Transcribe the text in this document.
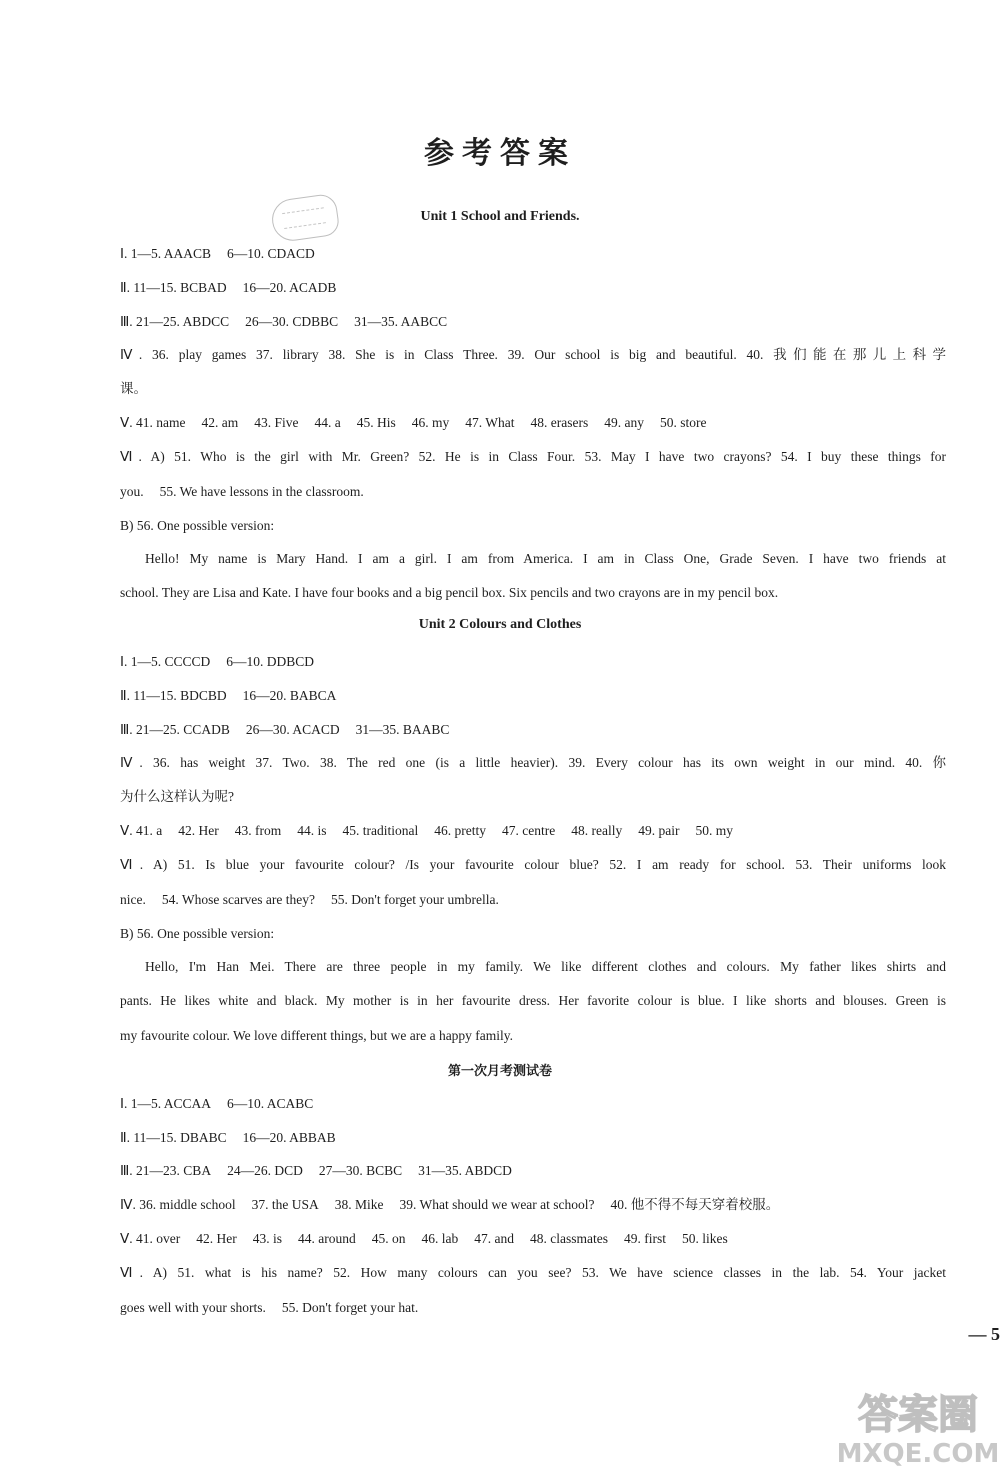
参考答案
Unit 1 School and Friends.
Ⅰ. 1—5. AAACB 6—10. CDACD
Ⅱ. 11—15. BCBAD 16—20. ACADB
Ⅲ. 21—25. ABDCC 26—30. CDBBC 31—35. AABCC
Ⅳ. 36. play games 37. library 38. She is in Class Three. 39. Our school is big and beautiful. 40. 我们能在那儿上科学
课。
Ⅴ. 41. name 42. am 43. Five 44. a 45. His 46. my 47. What 48. erasers 49. any 50. store
Ⅵ. A) 51. Who is the girl with Mr. Green? 52. He is in Class Four. 53. May I have two crayons? 54. I buy these things for
you. 55. We have lessons in the classroom.
B) 56. One possible version:
Hello! My name is Mary Hand. I am a girl. I am from America. I am in Class One, Grade Seven. I have two friends at
school. They are Lisa and Kate. I have four books and a big pencil box. Six pencils and two crayons are in my pencil box.
Unit 2 Colours and Clothes
Ⅰ. 1—5. CCCCD 6—10. DDBCD
Ⅱ. 11—15. BDCBD 16—20. BABCA
Ⅲ. 21—25. CCADB 26—30. ACACD 31—35. BAABC
Ⅳ. 36. has weight 37. Two. 38. The red one (is a little heavier). 39. Every colour has its own weight in our mind. 40. 你
为什么这样认为呢?
Ⅴ. 41. a 42. Her 43. from 44. is 45. traditional 46. pretty 47. centre 48. really 49. pair 50. my
Ⅵ. A) 51. Is blue your favourite colour? /Is your favourite colour blue? 52. I am ready for school. 53. Their uniforms look
nice. 54. Whose scarves are they? 55. Don't forget your umbrella.
B) 56. One possible version:
Hello, I'm Han Mei. There are three people in my family. We like different clothes and colours. My father likes shirts and
pants. He likes white and black. My mother is in her favourite dress. Her favorite colour is blue. I like shorts and blouses. Green is
my favourite colour. We love different things, but we are a happy family.
第一次月考测试卷
Ⅰ. 1—5. ACCAA 6—10. ACABC
Ⅱ. 11—15. DBABC 16—20. ABBAB
Ⅲ. 21—23. CBA 24—26. DCD 27—30. BCBC 31—35. ABDCD
Ⅳ. 36. middle school 37. the USA 38. Mike 39. What should we wear at school? 40. 他不得不每天穿着校服。
Ⅴ. 41. over 42. Her 43. is 44. around 45. on 46. lab 47. and 48. classmates 49. first 50. likes
Ⅵ. A) 51. what is his name? 52. How many colours can you see? 53. We have science classes in the lab. 54. Your jacket
goes well with your shorts. 55. Don't forget your hat.
— 5
答案圈
MXQE.COM
